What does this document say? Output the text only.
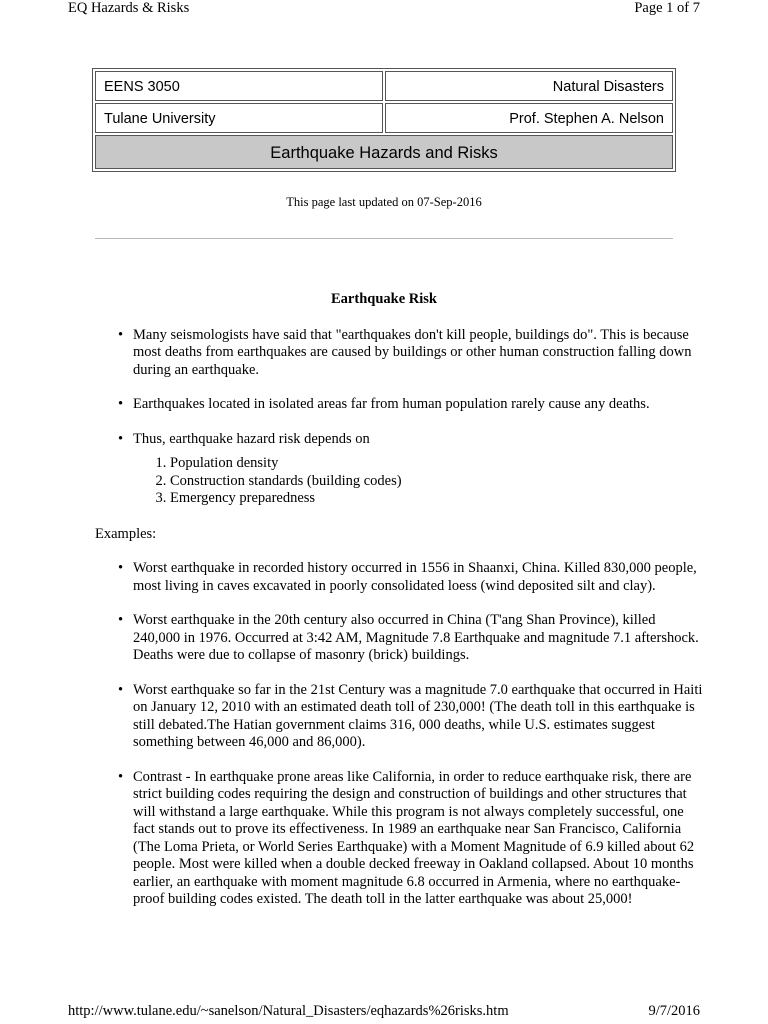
EQ Hazards & Risks	Page 1 of 7
EENS 3050	Natural Disasters
Tulane University	Prof. Stephen A. Nelson
Earthquake Hazards and Risks
This page last updated on 07-Sep-2016
Earthquake Risk
• Many seismologists have said that "earthquakes don't kill people, buildings do". This is because most deaths from earthquakes are caused by buildings or other human construction falling down during an earthquake.
• Earthquakes located in isolated areas far from human population rarely cause any deaths.
• Thus, earthquake hazard risk depends on
1. Population density
2. Construction standards (building codes)
3. Emergency preparedness
Examples:
• Worst earthquake in recorded history occurred in 1556 in Shaanxi, China. Killed 830,000 people, most living in caves excavated in poorly consolidated loess (wind deposited silt and clay).
• Worst earthquake in the 20th century also occurred in China (T'ang Shan Province), killed 240,000 in 1976. Occurred at 3:42 AM, Magnitude 7.8 Earthquake and magnitude 7.1 aftershock. Deaths were due to collapse of masonry (brick) buildings.
• Worst earthquake so far in the 21st Century was a magnitude 7.0 earthquake that occurred in Haiti on January 12, 2010 with an estimated death toll of 230,000! (The death toll in this earthquake is still debated.The Hatian government claims 316, 000 deaths, while U.S. estimates suggest something between 46,000 and 86,000).
• Contrast - In earthquake prone areas like California, in order to reduce earthquake risk, there are strict building codes requiring the design and construction of buildings and other structures that will withstand a large earthquake. While this program is not always completely successful, one fact stands out to prove its effectiveness. In 1989 an earthquake near San Francisco, California (The Loma Prieta, or World Series Earthquake) with a Moment Magnitude of 6.9 killed about 62 people. Most were killed when a double decked freeway in Oakland collapsed. About 10 months earlier, an earthquake with moment magnitude 6.8 occurred in Armenia, where no earthquake-proof building codes existed. The death toll in the latter earthquake was about 25,000!
http://www.tulane.edu/~sanelson/Natural_Disasters/eqhazards%26risks.htm	9/7/2016
